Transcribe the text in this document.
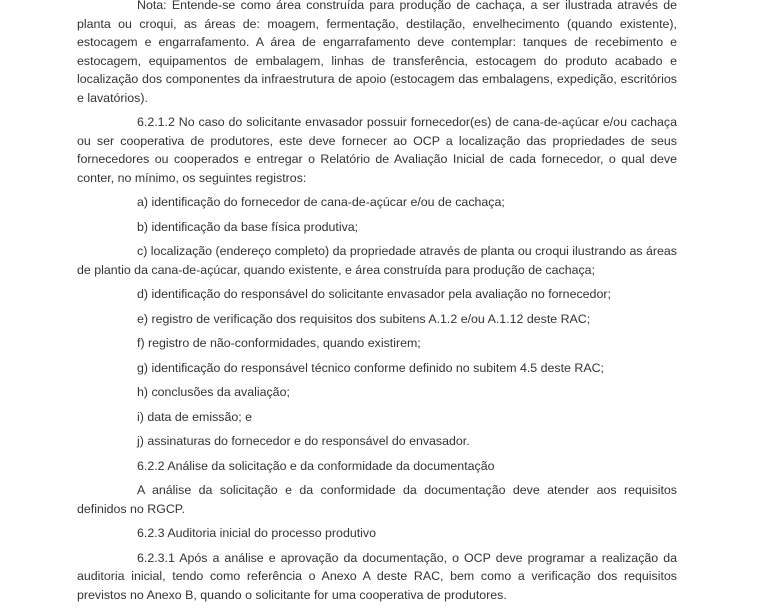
Nota: Entende-se como área construída para produção de cachaça, a ser ilustrada através de planta ou croqui, as áreas de: moagem, fermentação, destilação, envelhecimento (quando existente), estocagem e engarrafamento. A área de engarrafamento deve contemplar: tanques de recebimento e estocagem, equipamentos de embalagem, linhas de transferência, estocagem do produto acabado e localização dos componentes da infraestrutura de apoio (estocagem das embalagens, expedição, escritórios e lavatórios).

6.2.1.2 No caso do solicitante envasador possuir fornecedor(es) de cana-de-açúcar e/ou cachaça ou ser cooperativa de produtores, este deve fornecer ao OCP a localização das propriedades de seus fornecedores ou cooperados e entregar o Relatório de Avaliação Inicial de cada fornecedor, o qual deve conter, no mínimo, os seguintes registros:

a) identificação do fornecedor de cana-de-açúcar e/ou de cachaça;

b) identificação da base física produtiva;

c) localização (endereço completo) da propriedade através de planta ou croqui ilustrando as áreas de plantio da cana-de-açúcar, quando existente, e área construída para produção de cachaça;

d) identificação do responsável do solicitante envasador pela avaliação no fornecedor;

e) registro de verificação dos requisitos dos subitens A.1.2 e/ou A.1.12 deste RAC;

f) registro de não-conformidades, quando existirem;

g) identificação do responsável técnico conforme definido no subitem 4.5 deste RAC;

h) conclusões da avaliação;

i) data de emissão; e

j) assinaturas do fornecedor e do responsável do envasador.

6.2.2 Análise da solicitação e da conformidade da documentação

A análise da solicitação e da conformidade da documentação deve atender aos requisitos definidos no RGCP.

6.2.3 Auditoria inicial do processo produtivo

6.2.3.1 Após a análise e aprovação da documentação, o OCP deve programar a realização da auditoria inicial, tendo como referência o Anexo A deste RAC, bem como a verificação dos requisitos previstos no Anexo B, quando o solicitante for uma cooperativa de produtores.
